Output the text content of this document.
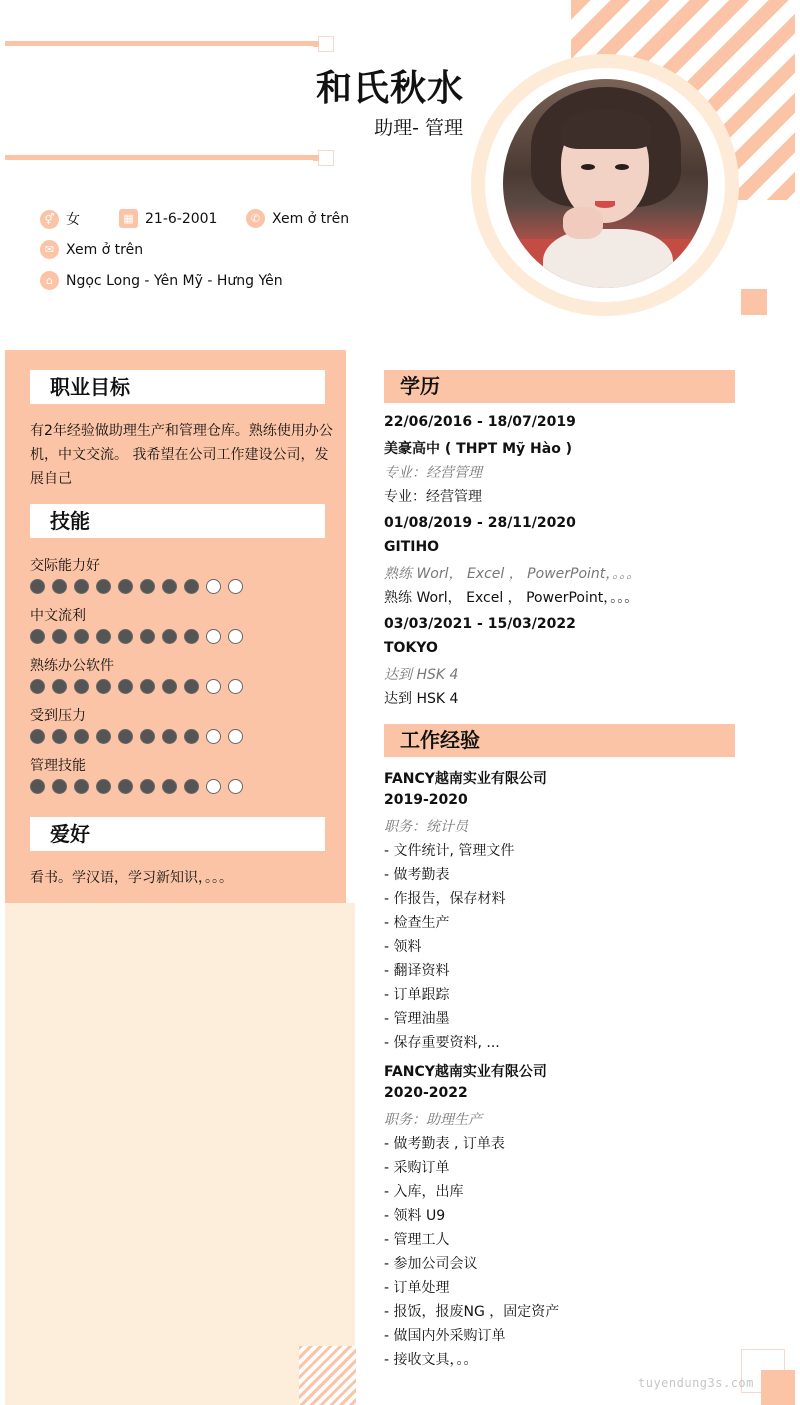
和氏秋水
助理- 管理
⚥ 女	▦ 21-6-2001	✆ Xem ở trên
✉ Xem ở trên
⌂ Ngọc Long - Yên Mỹ - Hưng Yên
职业目标
有2年经验做助理生产和管理仓库。熟练使用办公机，中文交流。 我希望在公司工作建设公司，发展自己
技能
交际能力好
中文流利
熟练办公软件
受到压力
管理技能
爱好
看书。学汉语，学习新知识，。。。
学历
22/06/2016 - 18/07/2019
美豪高中 ( THPT Mỹ Hào )
专业：经营管理
专业：经营管理
01/08/2019 - 28/11/2020
GITIHO
熟练 Worl， Excel ， PowerPoint，。。。
熟练 Worl， Excel ， PowerPoint，。。。
03/03/2021 - 15/03/2022
TOKYO
达到 HSK 4
达到 HSK 4
工作经验
FANCY越南实业有限公司
2019-2020
职务：统计员
- 文件统计, 管理文件
- 做考勤表
- 作报告，保存材料
- 检查生产
- 领料
- 翻译资料
- 订单跟踪
- 管理油墨
- 保存重要资料, ...
FANCY越南实业有限公司
2020-2022
职务：助理生产
- 做考勤表 , 订单表
- 采购订单
- 入库，出库
- 领料 U9
- 管理工人
- 参加公司会议
- 订单处理
- 报饭，报废NG ，固定资产
- 做国内外采购订单
- 接收文具，。。
tuyendung3s.com
